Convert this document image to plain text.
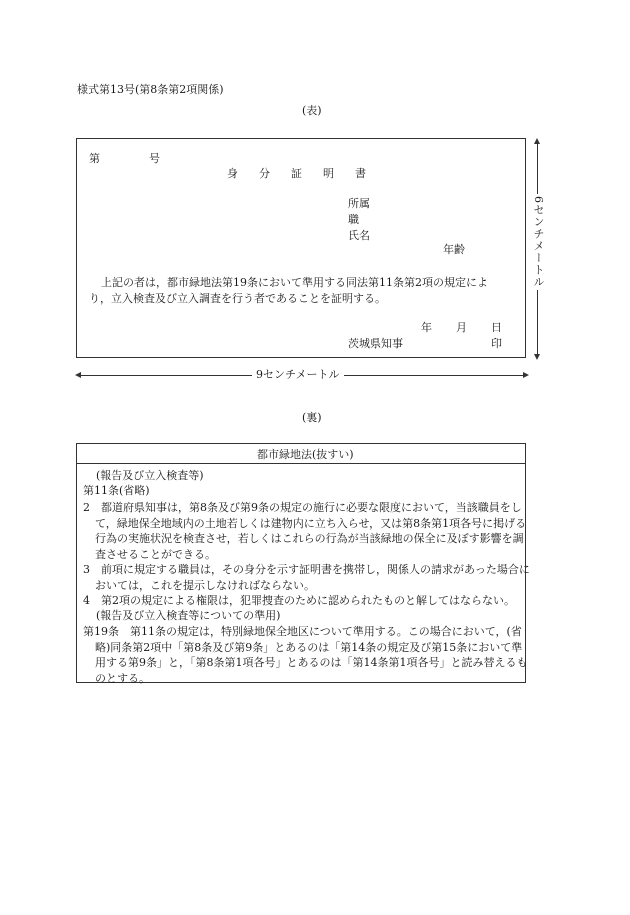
様式第13号(第8条第2項関係)
(表)
第	号
身分証明書
所属
職
氏名
年齢
上記の者は，都市緑地法第19条において準用する同法第11条第2項の規定によ
り，立入検査及び立入調査を行う者であることを証明する。
年 月 日
茨城県知事	印
6センチメートル
9センチメートル
(裏)
都市緑地法(抜すい)
(報告及び立入検査等)
第11条(省略)
2　都道府県知事は，第8条及び第9条の規定の施行に必要な限度において，当該職員をして，緑地保全地域内の土地若しくは建物内に立ち入らせ，又は第8条第1項各号に掲げる行為の実施状況を検査させ，若しくはこれらの行為が当該緑地の保全に及ぼす影響を調査させることができる。
3　前項に規定する職員は，その身分を示す証明書を携帯し，関係人の請求があった場合においては，これを提示しなければならない。
4　第2項の規定による権限は，犯罪捜査のために認められたものと解してはならない。
(報告及び立入検査等についての準用)
第19条　第11条の規定は，特別緑地保全地区について準用する。この場合において，(省略)同条第2項中「第8条及び第9条」とあるのは「第14条の規定及び第15条において準用する第9条」と，「第8条第1項各号」とあるのは「第14条第1項各号」と読み替えるものとする。
